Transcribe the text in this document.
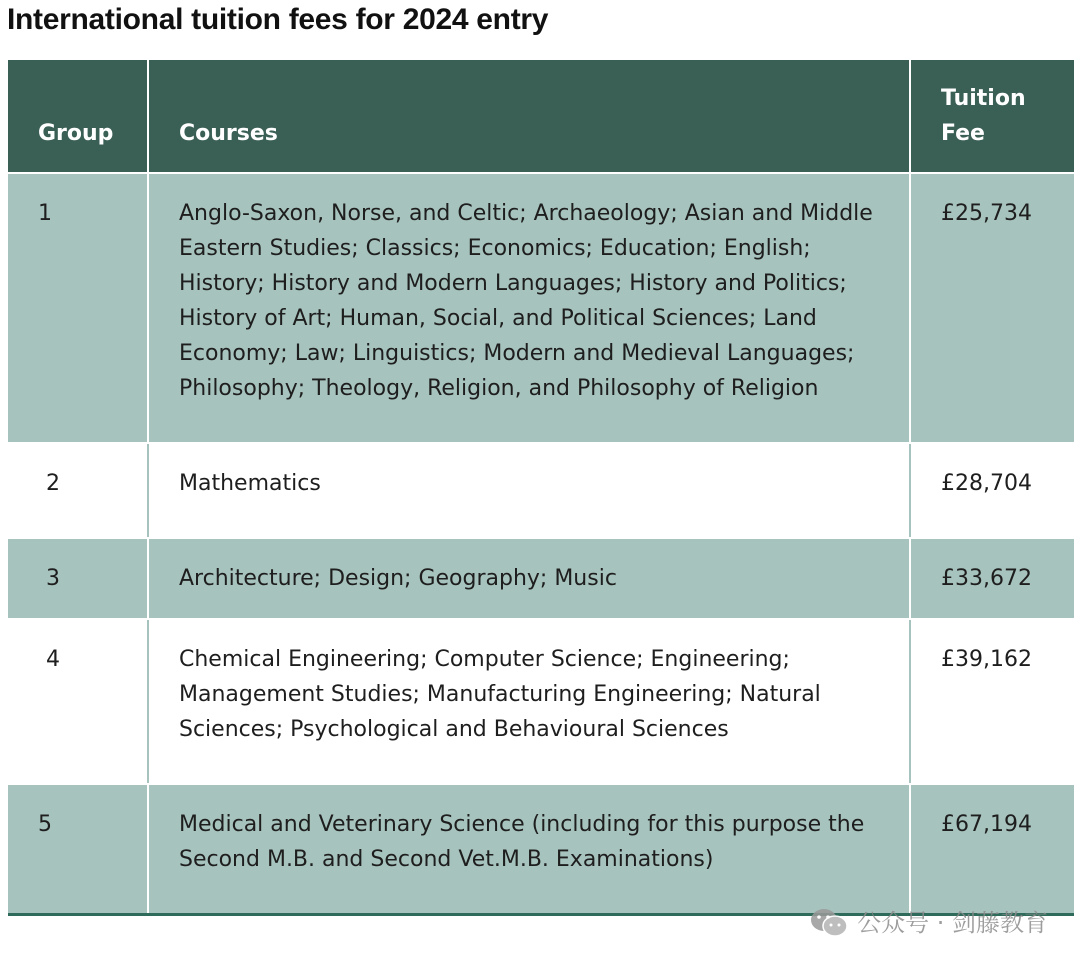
International tuition fees for 2024 entry
Group	Courses	Tuition Fee
1	Anglo-Saxon, Norse, and Celtic; Archaeology; Asian and Middle Eastern Studies; Classics; Economics; Education; English; History; History and Modern Languages; History and Politics; History of Art; Human, Social, and Political Sciences; Land Economy; Law; Linguistics; Modern and Medieval Languages; Philosophy; Theology, Religion, and Philosophy of Religion	£25,734
2	Mathematics	£28,704
3	Architecture; Design; Geography; Music	£33,672
4	Chemical Engineering; Computer Science; Engineering; Management Studies; Manufacturing Engineering; Natural Sciences; Psychological and Behavioural Sciences	£39,162
5	Medical and Veterinary Science (including for this purpose the Second M.B. and Second Vet.M.B. Examinations)	£67,194
公众号 · 剑藤教育
